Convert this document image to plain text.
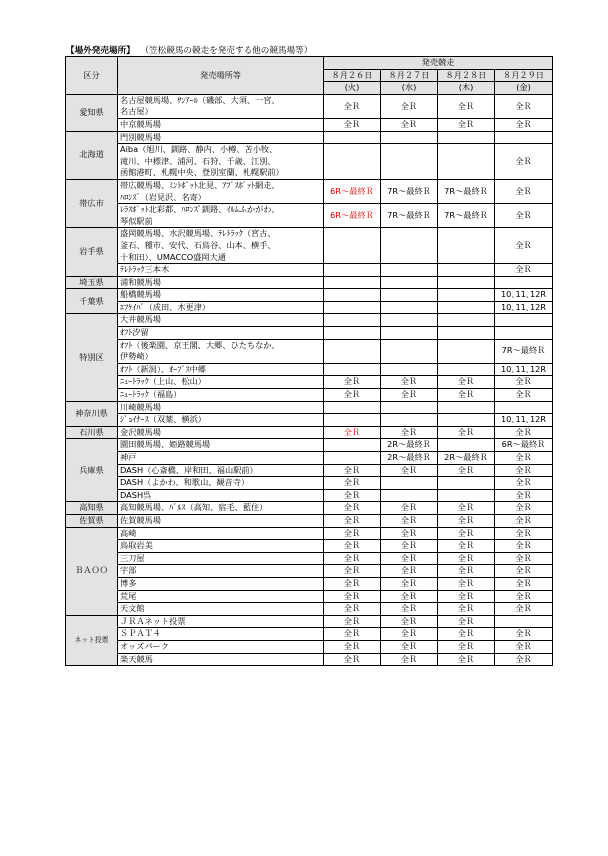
【場外発売場所】 （笠松競馬の競走を発売する他の競馬場等）
区分	発売場所等	発売競走			
		８月２６日	８月２７日	８月２８日	８月２９日
		(火)	(水)	(木)	(金)
愛知県	名古屋競馬場、ｻﾝｱｰﾙ（磯部、大須、一宮、
名古屋）	全Ｒ	全Ｒ	全Ｒ	全Ｒ

	中京競馬場	全Ｒ	全Ｒ	全Ｒ	全Ｒ
北海道	門別競馬場				

	Aiba（旭川、釧路、静内、小樽、苫小牧、
滝川、中標津、浦河、石狩、千歳、江別、
函館港町、札幌中央、登別室蘭、札幌駅前）				全Ｒ
帯広市	帯広競馬場、ﾐﾝﾄﾎﾟｯﾄ北見、ｱﾌﾟｽﾎﾟｯﾄ網走、
ﾊﾛﾝｽﾞ（岩見沢、名寄）	6R～最終Ｒ	7R～最終Ｒ	7R～最終Ｒ	全Ｒ

	ﾚﾗｽﾎﾟｯﾄ北彩都、ﾊﾛﾝｽﾞ釧路、ｲﾙﾑふかがわ、
琴似駅前	6R～最終Ｒ	7R～最終Ｒ	7R～最終Ｒ	全Ｒ
岩手県	盛岡競馬場、水沢競馬場、ﾃﾚﾄﾗｯｸ（宮古、
釜石、種市、安代、石鳥谷、山本、横手、
十和田）、UMACCO盛岡大通				全Ｒ

	ﾃﾚﾄﾗｯｸ三本木				全Ｒ
埼玉県	浦和競馬場				

千葉県	船橋競馬場				10､11､12R

	ｴﾌｹｲﾊﾞ（成田、木更津）				10､11､12R
特別区	大井競馬場				

	ｵﾌﾄ汐留				

	ｵﾌﾄ（後楽園、京王閣、大郷、ひたちなか、
伊勢崎）				7R～最終Ｒ

	ｵﾌﾄ（新潟）、ｵｰﾌﾟｽ中郷				10､11､12R

	ﾆｭｰﾄﾗｯｸ（上山、松山）	全Ｒ	全Ｒ	全Ｒ	全Ｒ

	ﾆｭｰﾄﾗｯｸ（福島）	全Ｒ	全Ｒ	全Ｒ	全Ｒ
神奈川県	川崎競馬場				

	ｼﾞｮｲﾅｰｽ（双葉、横浜）				10､11､12R
石川県	金沢競馬場	全Ｒ	全Ｒ	全Ｒ	全Ｒ
兵庫県	園田競馬場、姫路競馬場		2R～最終Ｒ		6R～最終Ｒ

	神戸		2R～最終Ｒ	2R～最終Ｒ	全Ｒ

	DASH（心斎橋、岸和田、福山駅前）	全Ｒ	全Ｒ	全Ｒ	全Ｒ

	DASH（よかわ、和歌山、観音寺）	全Ｒ			全Ｒ

	DASH呉	全Ｒ			全Ｒ
高知県	高知競馬場、ﾊﾞﾙｽ（高知、宿毛、藍住）	全Ｒ	全Ｒ	全Ｒ	全Ｒ
佐賀県	佐賀競馬場	全Ｒ	全Ｒ	全Ｒ	全Ｒ
ＢＡＯＯ	高崎	全Ｒ	全Ｒ	全Ｒ	全Ｒ

	鳥取岩美	全Ｒ	全Ｒ	全Ｒ	全Ｒ

	三刀屋	全Ｒ	全Ｒ	全Ｒ	全Ｒ

	宇部	全Ｒ	全Ｒ	全Ｒ	全Ｒ

	博多	全Ｒ	全Ｒ	全Ｒ	全Ｒ

	荒尾	全Ｒ	全Ｒ	全Ｒ	全Ｒ

	天文館	全Ｒ	全Ｒ	全Ｒ	全Ｒ
ネット投票	ＪＲＡネット投票	全Ｒ	全Ｒ	全Ｒ	

	ＳＰＡＴ４	全Ｒ	全Ｒ	全Ｒ	全Ｒ

	オッズパーク	全Ｒ	全Ｒ	全Ｒ	全Ｒ

	楽天競馬	全Ｒ	全Ｒ	全Ｒ	全Ｒ
